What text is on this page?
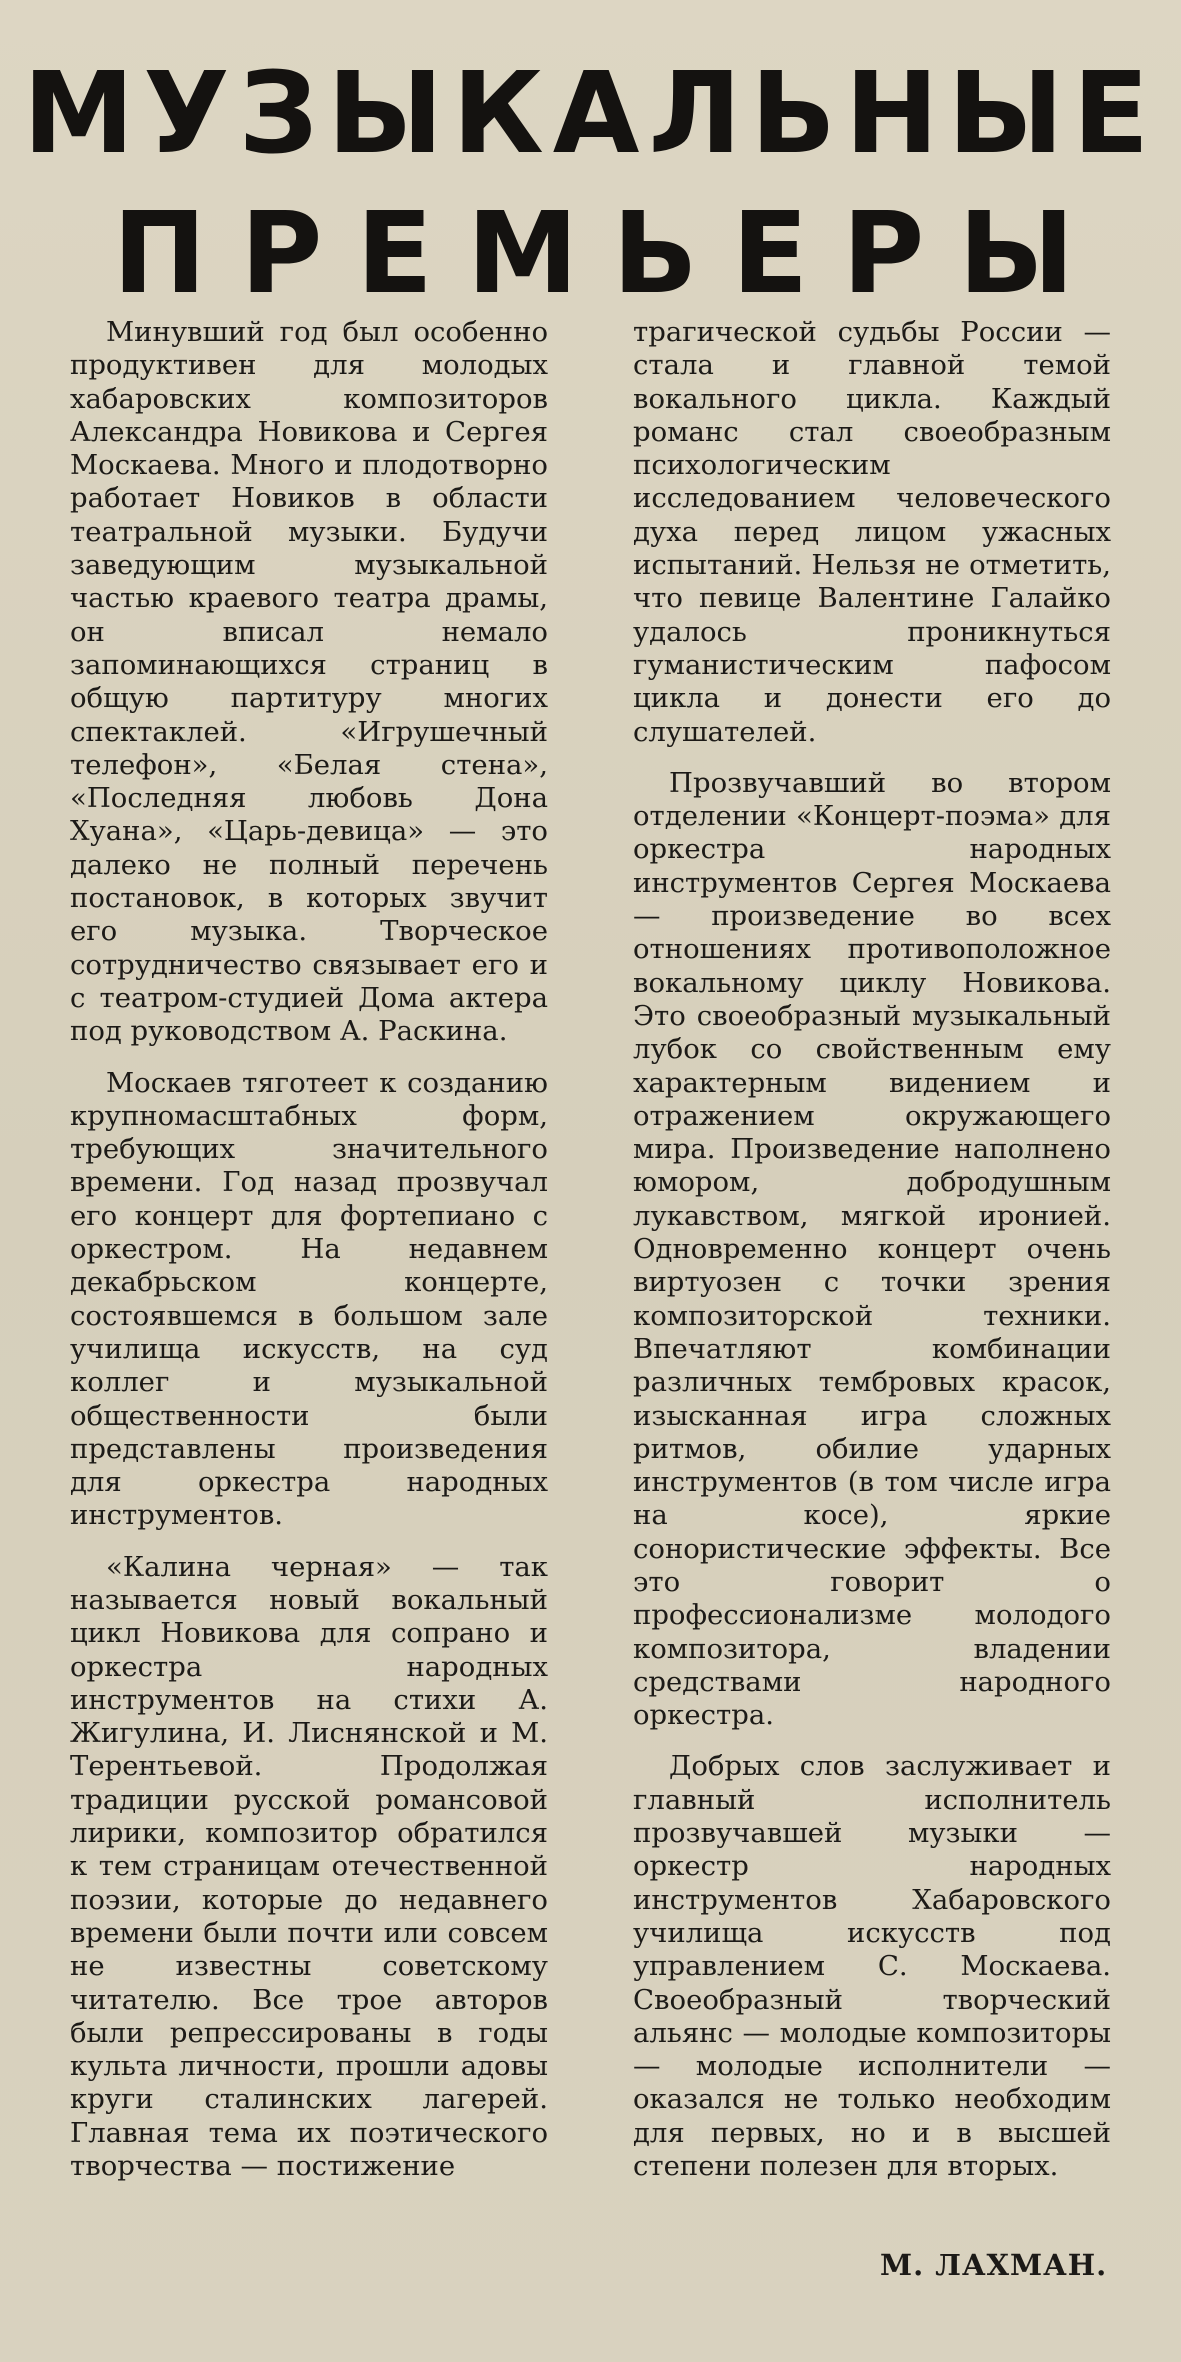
МУЗЫКАЛЬНЫЕ
ПРЕМЬЕРЫ

Минувший год был особенно продуктивен для молодых хабаровских композиторов Александра Новикова и Сергея Москаева. Много и плодотворно работает Новиков в области театральной музыки. Будучи заведующим музыкальной частью краевого театра драмы, он вписал немало запоминающихся страниц в общую партитуру многих спектаклей. «Игрушечный телефон», «Белая стена», «Последняя любовь Дона Хуана», «Царь-девица» — это далеко не полный перечень постановок, в которых звучит его музыка. Творческое сотрудничество связывает его и с театром-студией Дома актера под руководством А. Раскина.

Москаев тяготеет к созданию крупномасштабных форм, требующих значительного времени. Год назад прозвучал его концерт для фортепиано с оркестром. На недавнем декабрьском концерте, состоявшемся в большом зале училища искусств, на суд коллег и музыкальной общественности были представлены произведения для оркестра народных инструментов.

«Калина черная» — так называется новый вокальный цикл Новикова для сопрано и оркестра народных инструментов на стихи А. Жигулина, И. Лиснянской и М. Терентьевой. Продолжая традиции русской романсовой лирики, композитор обратился к тем страницам отечественной поэзии, которые до недавнего времени были почти или совсем не известны советскому читателю. Все трое авторов были репрессированы в годы культа личности, прошли адовы круги сталинских лагерей. Главная тема их поэтического творчества — постижение

трагической судьбы России — стала и главной темой вокального цикла. Каждый романс стал своеобразным психологическим исследованием человеческого духа перед лицом ужасных испытаний. Нельзя не отметить, что певице Валентине Галайко удалось проникнуться гуманистическим пафосом цикла и донести его до слушателей.

Прозвучавший во втором отделении «Концерт-поэма» для оркестра народных инструментов Сергея Москаева — произведение во всех отношениях противоположное вокальному циклу Новикова. Это своеобразный музыкальный лубок со свойственным ему характерным видением и отражением окружающего мира. Произведение наполнено юмором, добродушным лукавством, мягкой иронией. Одновременно концерт очень виртуозен с точки зрения композиторской техники. Впечатляют комбинации различных тембровых красок, изысканная игра сложных ритмов, обилие ударных инструментов (в том числе игра на косе), яркие сонористические эффекты. Все это говорит о профессионализме молодого композитора, владении средствами народного оркестра.

Добрых слов заслуживает и главный исполнитель прозвучавшей музыки — оркестр народных инструментов Хабаровского училища искусств под управлением С. Москаева. Своеобразный творческий альянс — молодые композиторы — молодые исполнители — оказался не только необходим для первых, но и в высшей степени полезен для вторых.

М. ЛАХМАН.
